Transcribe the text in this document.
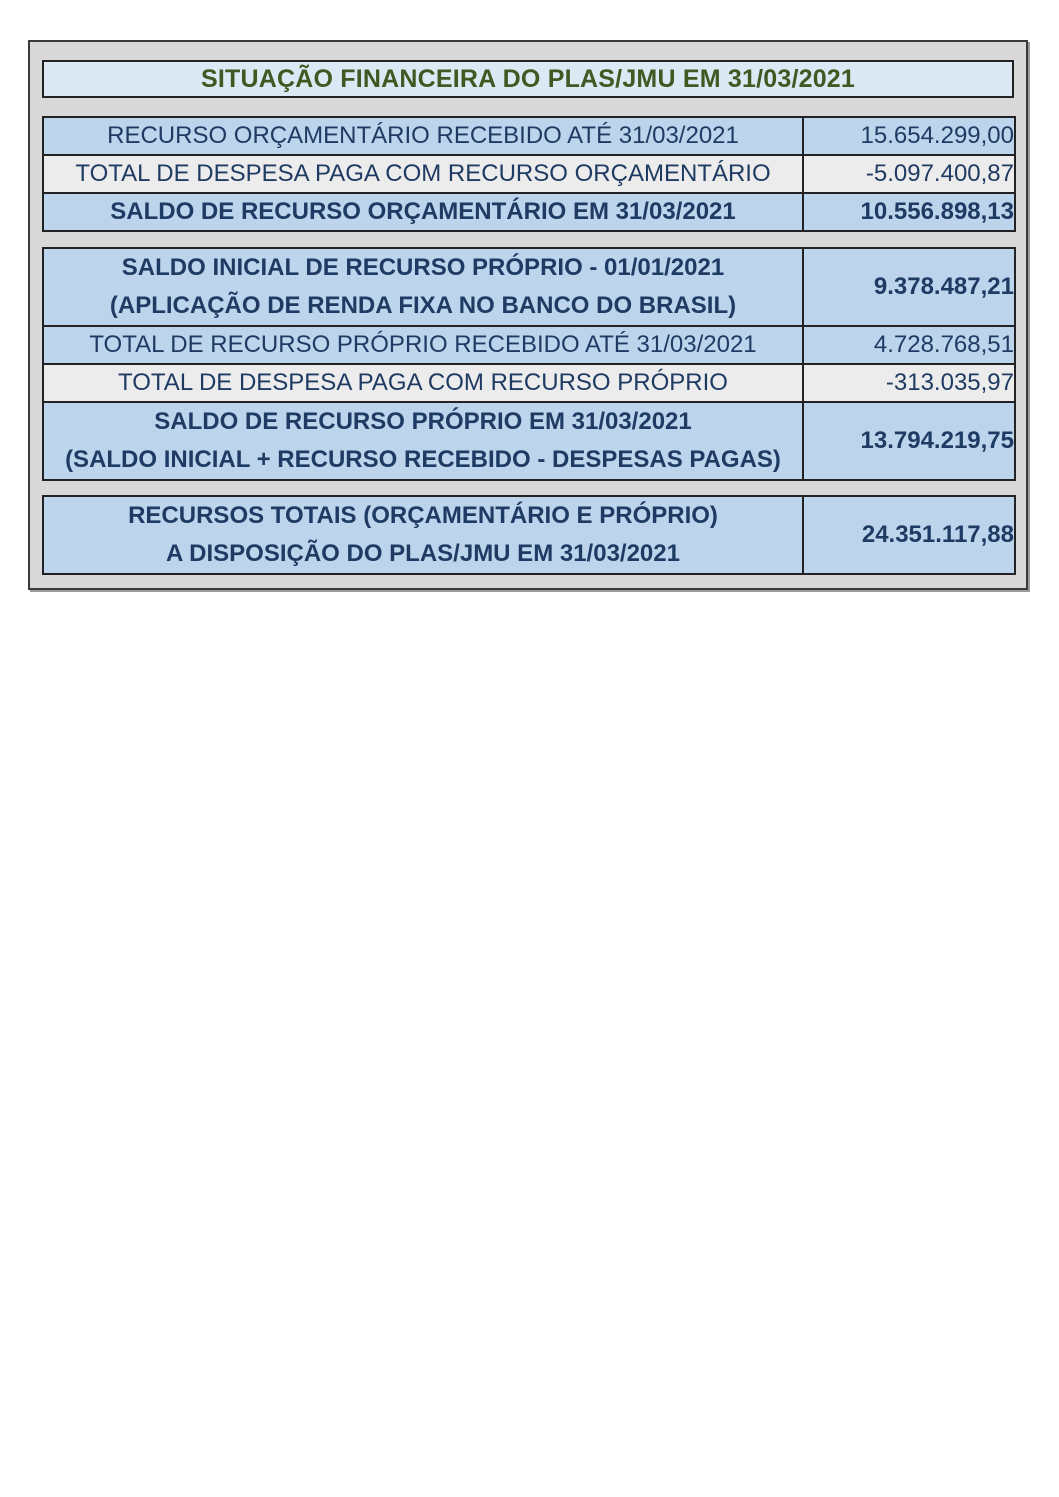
SITUAÇÃO FINANCEIRA DO PLAS/JMU EM 31/03/2021
RECURSO ORÇAMENTÁRIO RECEBIDO ATÉ 31/03/2021	15.654.299,00
TOTAL DE DESPESA PAGA COM RECURSO ORÇAMENTÁRIO	-5.097.400,87
SALDO DE RECURSO ORÇAMENTÁRIO EM 31/03/2021	10.556.898,13
SALDO INICIAL DE RECURSO PRÓPRIO - 01/01/2021
(APLICAÇÃO DE RENDA FIXA NO BANCO DO BRASIL)	9.378.487,21
TOTAL DE RECURSO PRÓPRIO RECEBIDO ATÉ 31/03/2021	4.728.768,51
TOTAL DE DESPESA PAGA COM RECURSO PRÓPRIO	-313.035,97

SALDO DE RECURSO PRÓPRIO EM 31/03/2021
(SALDO INICIAL + RECURSO RECEBIDO - DESPESAS PAGAS)	13.794.219,75
RECURSOS TOTAIS (ORÇAMENTÁRIO E PRÓPRIO)
A DISPOSIÇÃO DO PLAS/JMU EM 31/03/2021
	24.351.117,88
